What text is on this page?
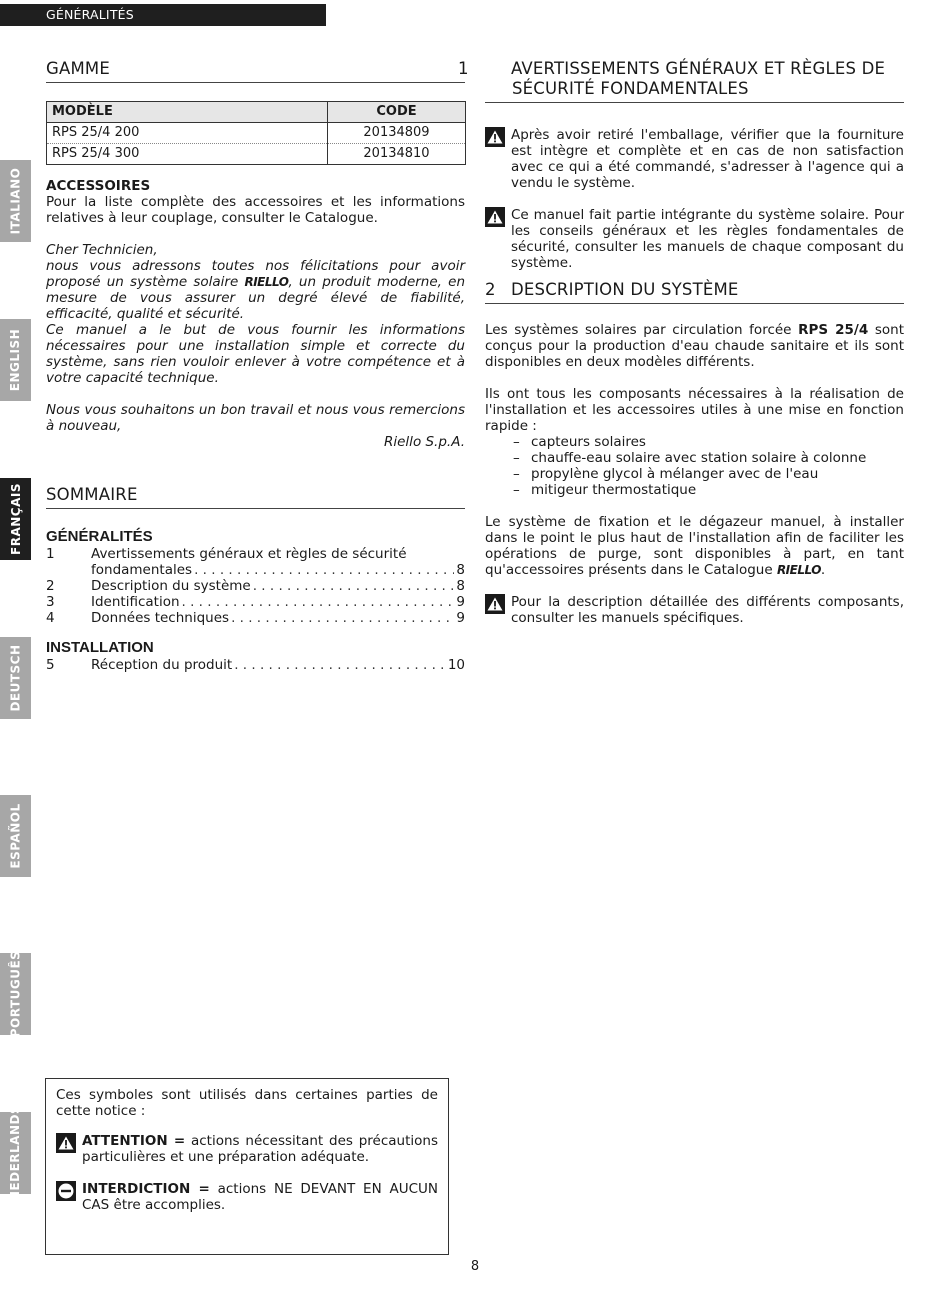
GÉNÉRALITÉS
ITALIANO
ENGLISH
FRANÇAIS
DEUTSCH
ESPAÑOL
PORTUGUÊS
NEDERLANDS
GAMME
MODÈLE	CODE
RPS 25/4 200	20134809
RPS 25/4 300	20134810
ACCESSOIRES
Pour la liste complète des accessoires et les informations relatives à leur couplage, consulter le Catalogue.
Cher Technicien,
nous vous adressons toutes nos félicitations pour avoir proposé un système solaire RIELLO, un produit moderne, en mesure de vous assurer un degré élevé de fiabilité, efficacité, qualité et sécurité.
Ce manuel a le but de vous fournir les informations nécessaires pour une installation simple et correcte du système, sans rien vouloir enlever à votre compétence et à votre capacité technique.
Nous vous souhaitons un bon travail et nous vous remercions à nouveau,
Riello S.p.A.
SOMMAIRE
GÉNÉRALITÉS
1	Avertissements généraux et règles de sécurité
fondamentales . . .	8
2	Description du système . . .	8
3	Identification . . .	9
4	Données techniques . . .	9
INSTALLATION
5	Réception du produit . . .	10
Ces symboles sont utilisés dans certaines parties de cette notice :
ATTENTION = actions nécessitant des précautions particulières et une préparation adéquate.
INTERDICTION = actions NE DEVANT EN AUCUN CAS être accomplies.
1	AVERTISSEMENTS GÉNÉRAUX ET RÈGLES DE SÉCURITÉ FONDAMENTALES
Après avoir retiré l'emballage, vérifier que la fourniture est intègre et complète et en cas de non satisfaction avec ce qui a été commandé, s'adresser à l'agence qui a vendu le système.
Ce manuel fait partie intégrante du système solaire. Pour les conseils généraux et les règles fondamentales de sécurité, consulter les manuels de chaque composant du système.
2 DESCRIPTION DU SYSTÈME
Les systèmes solaires par circulation forcée RPS 25/4 sont conçus pour la production d'eau chaude sanitaire et ils sont disponibles en deux modèles différents.
Ils ont tous les composants nécessaires à la réalisation de l'installation et les accessoires utiles à une mise en fonction rapide :
– capteurs solaires
– chauffe-eau solaire avec station solaire à colonne
– propylène glycol à mélanger avec de l'eau
– mitigeur thermostatique
Le système de fixation et le dégazeur manuel, à installer dans le point le plus haut de l'installation afin de faciliter les opérations de purge, sont disponibles à part, en tant qu'accessoires présents dans le Catalogue RIELLO.
Pour la description détaillée des différents composants, consulter les manuels spécifiques.
8
